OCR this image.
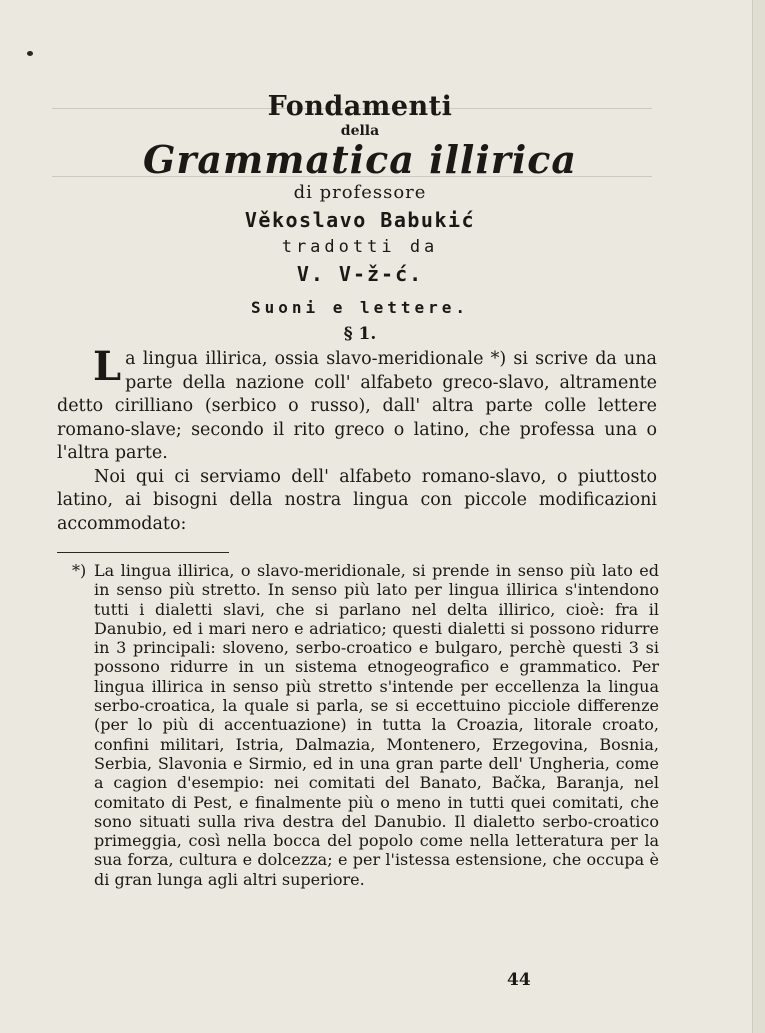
Fondamenti
della
Grammatica illirica
di professore
Věkoslavo Babukić
tradotti da
V. V-ž-ć.
Suoni e lettere.
§ 1.
L a lingua illirica, ossia slavo-meridionale *) si scrive da una parte della nazione coll' alfabeto greco-slavo, altramente detto cirilliano (serbico o russo), dall' altra parte colle lettere romano-slave; secondo il rito greco o latino, che professa una o l'altra parte.

Noi qui ci serviamo dell' alfabeto romano-slavo, o piuttosto latino, ai bisogni della nostra lingua con piccole modificazioni accommodato:

*) La lingua illirica, o slavo-meridionale, si prende in senso più lato ed in senso più stretto. In senso più lato per lingua illirica s'intendono tutti i dialetti slavi, che si parlano nel delta illirico, cioè: fra il Danubio, ed i mari nero e adriatico; questi dialetti si possono ridurre in 3 principali: sloveno, serbo-croatico e bulgaro, perchè questi 3 si possono ridurre in un sistema etnogeografico e grammatico. Per lingua illirica in senso più stretto s'intende per eccellenza la lingua serbo-croatica, la quale si parla, se si eccettuino picciole differenze (per lo più di accentuazione) in tutta la Croazia, litorale croato, confini militari, Istria, Dalmazia, Montenero, Erzegovina, Bosnia, Serbia, Slavonia e Sirmio, ed in una gran parte dell' Ungheria, come a cagion d'esempio: nei comitati del Banato, Bačka, Baranja, nel comitato di Pest, e finalmente più o meno in tutti quei comitati, che sono situati sulla riva destra del Danubio. Il dialetto serbo-croatico primeggia, così nella bocca del popolo come nella letteratura per la sua forza, cultura e dolcezza; e per l'istessa estensione, che occupa è di gran lunga agli altri superiore.
44
